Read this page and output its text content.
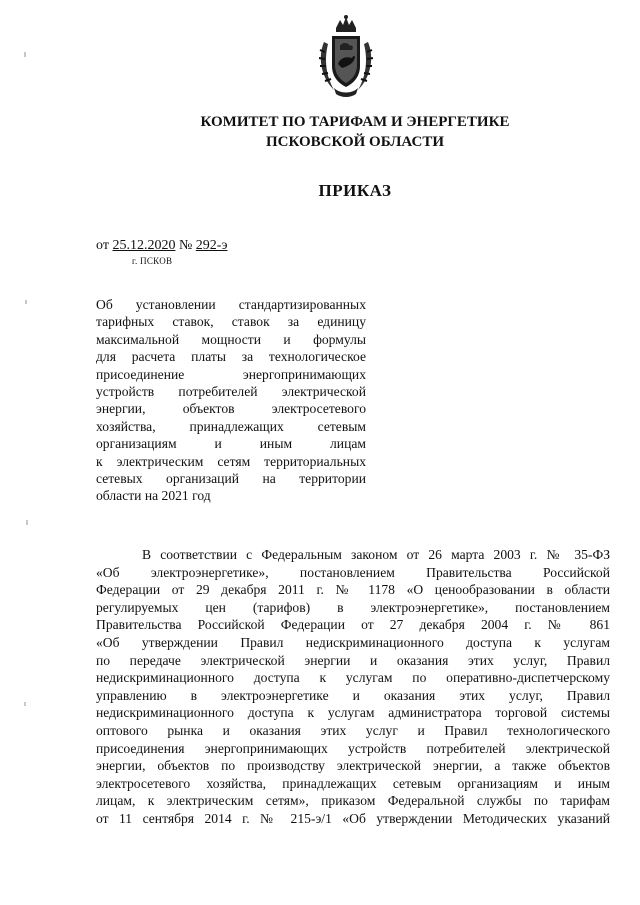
КОМИТЕТ ПО ТАРИФАМ И ЭНЕРГЕТИКЕ
ПСКОВСКОЙ ОБЛАСТИ
ПРИКАЗ
от 25.12.2020 № 292-э
г. ПСКОВ
Об установлении стандартизированных
тарифных ставок, ставок за единицу
максимальной мощности и формулы
для расчета платы за технологическое
присоединение энергопринимающих
устройств потребителей электрической
энергии, объектов электросетевого
хозяйства, принадлежащих сетевым
организациям и иным лицам
к электрическим сетям территориальных
сетевых организаций на территории
области на 2021 год
В соответствии с Федеральным законом от 26 марта 2003 г. № 35-ФЗ
«Об электроэнергетике», постановлением Правительства Российской
Федерации от 29 декабря 2011 г. № 1178 «О ценообразовании в области
регулируемых цен (тарифов) в электроэнергетике», постановлением
Правительства Российской Федерации от 27 декабря 2004 г. № 861
«Об утверждении Правил недискриминационного доступа к услугам
по передаче электрической энергии и оказания этих услуг, Правил
недискриминационного доступа к услугам по оперативно-диспетчерскому
управлению в электроэнергетике и оказания этих услуг, Правил
недискриминационного доступа к услугам администратора торговой системы
оптового рынка и оказания этих услуг и Правил технологического
присоединения энергопринимающих устройств потребителей электрической
энергии, объектов по производству электрической энергии, а также объектов
электросетевого хозяйства, принадлежащих сетевым организациям и иным
лицам, к электрическим сетям», приказом Федеральной службы по тарифам
от 11 сентября 2014 г. № 215-э/1 «Об утверждении Методических указаний
